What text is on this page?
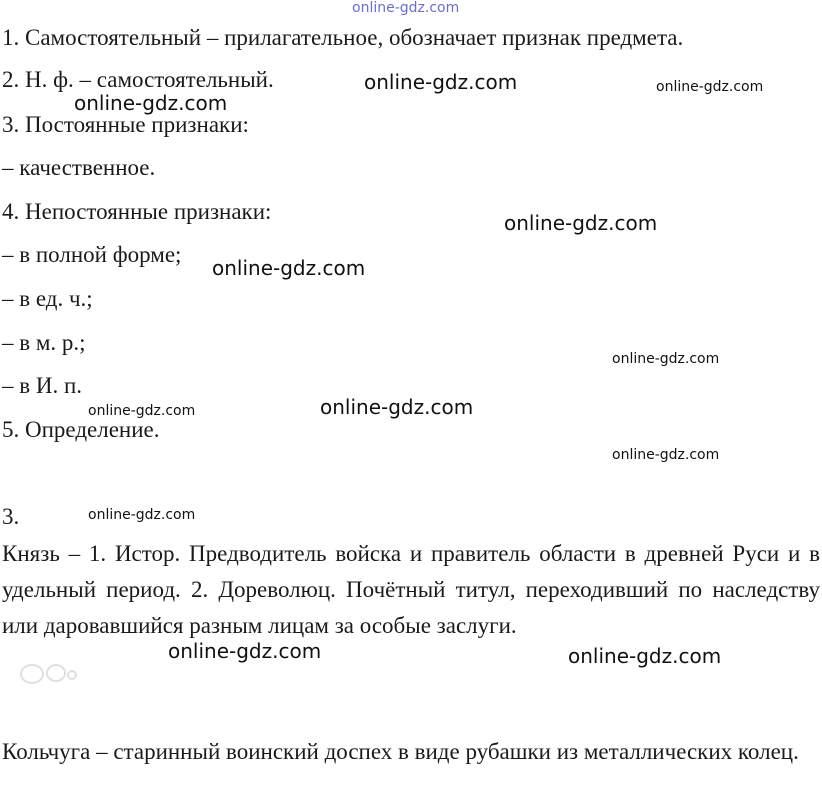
online-gdz.com
1. Самостоятельный – прилагательное, обозначает признак предмета.
2. Н. ф. – самостоятельный.
3. Постоянные признаки:
– качественное.
4. Непостоянные признаки:
– в полной форме;
– в ед. ч.;
– в м. р.;
– в И. п.
5. Определение.
3.
Князь – 1. Истор. Предводитель войска и правитель области в древней Руси и в удельный период. 2. Дореволюц. Почётный титул, переходивший по наследству или даровавшийся разным лицам за особые заслуги.
Кольчуга – старинный воинский доспех в виде рубашки из металлических колец.
online-gdz.com
online-gdz.com
online-gdz.com
online-gdz.com
online-gdz.com
online-gdz.com
online-gdz.com
online-gdz.com
online-gdz.com
online-gdz.com
online-gdz.com	online-gdz.com
